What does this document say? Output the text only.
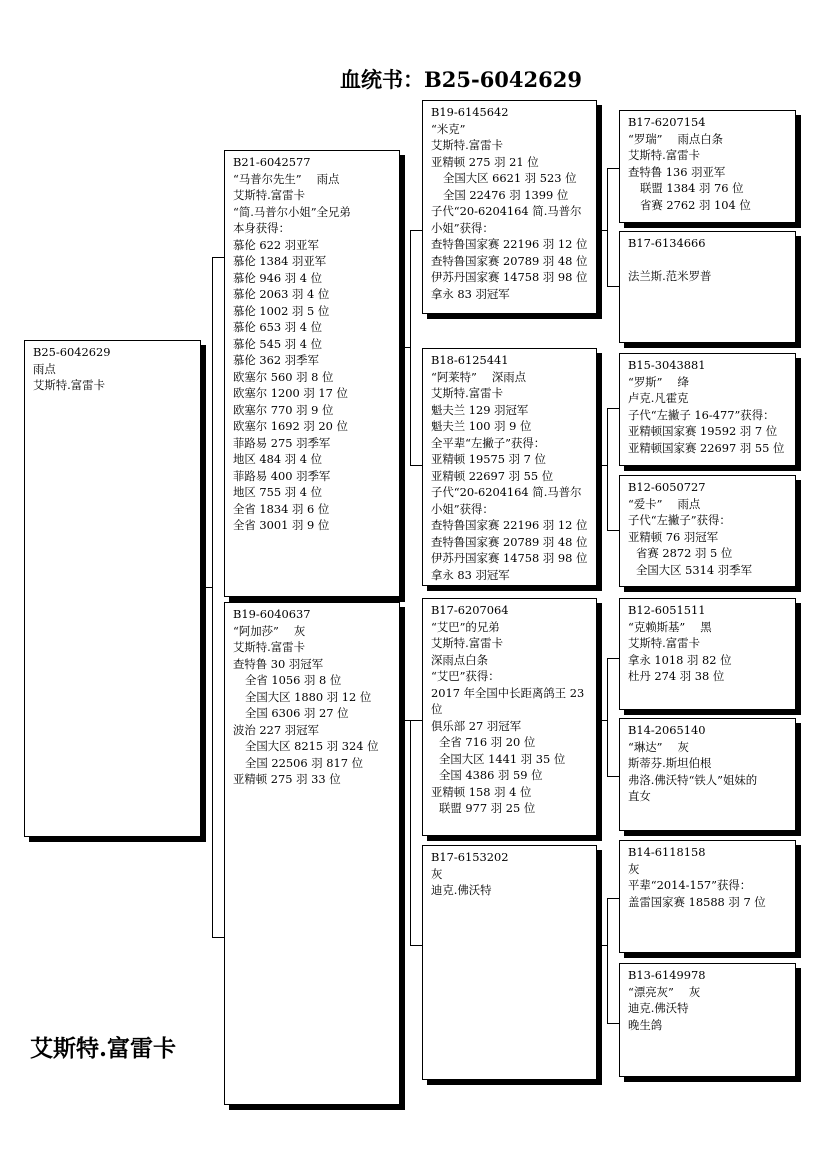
血统书：B25-6042629
B25-6042629
雨点
艾斯特.富雷卡
B21-6042577
“马普尔先生”　 雨点
艾斯特.富雷卡
“简.马普尔小姐”全兄弟
本身获得：
慕伦 622 羽亚军
慕伦 1384 羽亚军
慕伦 946 羽 4 位
慕伦 2063 羽 4 位
慕伦 1002 羽 5 位
慕伦 653 羽 4 位
慕伦 545 羽 4 位
慕伦 362 羽季军
欧塞尔 560 羽 8 位
欧塞尔 1200 羽 17 位
欧塞尔 770 羽 9 位
欧塞尔 1692 羽 20 位
菲路易 275 羽季军
地区 484 羽 4 位
菲路易 400 羽季军
地区 755 羽 4 位
全省 1834 羽 6 位
全省 3001 羽 9 位
B19-6040637
“阿加莎”　 灰
艾斯特.富雷卡
查特鲁 30 羽冠军
全省 1056 羽 8 位
全国大区 1880 羽 12 位
全国 6306 羽 27 位
波治 227 羽冠军
全国大区 8215 羽 324 位
全国 22506 羽 817 位
亚精顿 275 羽 33 位
B19-6145642
“米克”
艾斯特.富雷卡
亚精顿 275 羽 21 位
全国大区 6621 羽 523 位
全国 22476 羽 1399 位
子代“20-6204164 简.马普尔
小姐”获得：
查特鲁国家赛 22196 羽 12 位
查特鲁国家赛 20789 羽 48 位
伊苏丹国家赛 14758 羽 98 位
拿永 83 羽冠军
B18-6125441
“阿莱特”　 深雨点
艾斯特.富雷卡
魁夫兰 129 羽冠军
魁夫兰 100 羽 9 位
全平辈“左撇子”获得：
亚精顿 19575 羽 7 位
亚精顿 22697 羽 55 位
子代“20-6204164 简.马普尔
小姐”获得：
查特鲁国家赛 22196 羽 12 位
查特鲁国家赛 20789 羽 48 位
伊苏丹国家赛 14758 羽 98 位
拿永 83 羽冠军
B17-6207064
“艾巴”的兄弟
艾斯特.富雷卡
深雨点白条
“艾巴”获得：
2017 年全国中长距离鸽王 23
位
俱乐部 27 羽冠军
全省 716 羽 20 位
全国大区 1441 羽 35 位
全国 4386 羽 59 位
亚精顿 158 羽 4 位
联盟 977 羽 25 位
B17-6153202
灰
迪克.佛沃特
B17-6207154
“罗瑞”　 雨点白条
艾斯特.富雷卡
查特鲁 136 羽亚军
联盟 1384 羽 76 位
省赛 2762 羽 104 位
B17-6134666
法兰斯.范米罗普
B15-3043881
“罗斯”　 绛
卢克.凡霍克
子代“左撇子 16-477”获得：
亚精顿国家赛 19592 羽 7 位
亚精顿国家赛 22697 羽 55 位
B12-6050727
“爱卡”　 雨点
子代“左撇子”获得：
亚精顿 76 羽冠军
省赛 2872 羽 5 位
全国大区 5314 羽季军
B12-6051511
“克赖斯基”　 黑
艾斯特.富雷卡
拿永 1018 羽 82 位
杜丹 274 羽 38 位
B14-2065140
“琳达”　 灰
斯蒂芬.斯坦伯根
弗洛.佛沃特“铁人”姐妹的
直女
B14-6118158
灰
平辈“2014-157”获得：
盖雷国家赛 18588 羽 7 位
B13-6149978
“漂亮灰”　 灰
迪克.佛沃特
晚生鸽
艾斯特.富雷卡
